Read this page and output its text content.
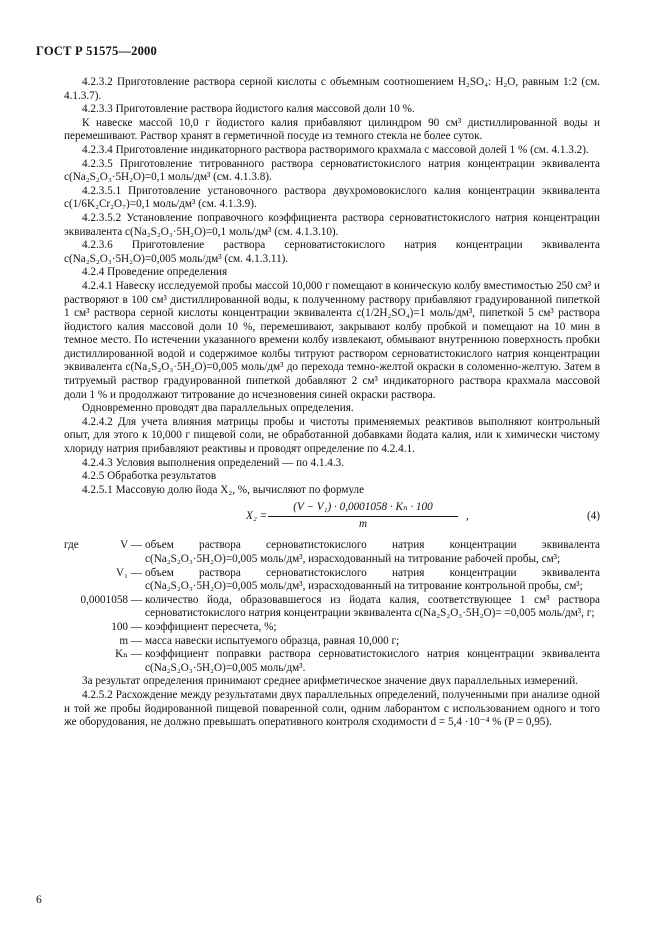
ГОСТ Р 51575—2000

4.2.3.2 Приготовление раствора серной кислоты с объемным соотношением H₂SO₄: H₂O, равным 1:2 (см. 4.1.3.7).

4.2.3.3 Приготовление раствора йодистого калия массовой доли 10 %.

К навеске массой 10,0 г йодистого калия прибавляют цилиндром 90 см³ дистиллированной воды и перемешивают. Раствор хранят в герметичной посуде из темного стекла не более суток.

4.2.3.4 Приготовление индикаторного раствора растворимого крахмала с массовой долей 1 % (см. 4.1.3.2).

4.2.3.5 Приготовление титрованного раствора серноватистокислого натрия концентрации эквивалента c(Na₂S₂O₃·5H₂O)=0,1 моль/дм³ (см. 4.1.3.8).

4.2.3.5.1 Приготовление установочного раствора двухромовокислого калия концентрации эквивалента c(1/6K₂Cr₂O₇)=0,1 моль/дм³ (см. 4.1.3.9).

4.2.3.5.2 Установление поправочного коэффициента раствора серноватистокислого натрия концентрации эквивалента c(Na₂S₂O₃·5H₂O)=0,1 моль/дм³ (см. 4.1.3.10).

4.2.3.6 Приготовление раствора серноватистокислого натрия концентрации эквивалента c(Na₂S₂O₃·5H₂O)=0,005 моль/дм³ (см. 4.1.3.11).

4.2.4 Проведение определения

4.2.4.1 Навеску исследуемой пробы массой 10,000 г помещают в коническую колбу вместимостью 250 см³ и растворяют в 100 см³ дистиллированной воды, к полученному раствору прибавляют градуированной пипеткой 1 см³ раствора серной кислоты концентрации эквивалента c(1/2H₂SO₄)=1 моль/дм³, пипеткой 5 см³ раствора йодистого калия массовой доли 10 %, перемешивают, закрывают колбу пробкой и помещают на 10 мин в темное место. По истечении указанного времени колбу извлекают, обмывают внутреннюю поверхность пробки дистиллированной водой и содержимое колбы титруют раствором серноватистокислого натрия концентрации эквивалента c(Na₂S₂O₃·5H₂O)=0,005 моль/дм³ до перехода темно-желтой окраски в соломенно-желтую. Затем в титруемый раствор градуированной пипеткой добавляют 2 см³ индикаторного раствора крахмала массовой доли 1 % и продолжают титрование до исчезновения синей окраски раствора.

Одновременно проводят два параллельных определения.

4.2.4.2 Для учета влияния матрицы пробы и чистоты применяемых реактивов выполняют контрольный опыт, для этого к 10,000 г пищевой соли, не обработанной добавками йодата калия, или к химически чистому хлориду натрия прибавляют реактивы и проводят определение по 4.2.4.1.

4.2.4.3 Условия выполнения определений — по 4.1.4.3.

4.2.5 Обработка результатов

4.2.5.1 Массовую долю йода X₂, %, вычисляют по формуле

$X_2 = \frac{\text{(V − V₁) · 0,0001058 · Kₙ · 100}}{m}$ ,	(4)
где	V — объем раствора серноватистокислого натрия концентрации эквивалента c(Na₂S₂O₃·5H₂O)=0,005 моль/дм³, израсходованный на титрование рабочей пробы, см³;
V₁ — объем раствора серноватистокислого натрия концентрации эквивалента c(Na₂S₂O₃·5H₂O)=0,005 моль/дм³, израсходованный на титрование контрольной пробы, см³;
0,0001058 — количество йода, образовавшегося из йодата калия, соответствующее 1 см³ раствора серноватистокислого натрия концентрации эквивалента c(Na₂S₂O₃·5H₂O)= =0,005 моль/дм³, г;
100 — коэффициент пересчета, %;
m — масса навески испытуемого образца, равная 10,000 г;
Kₙ — коэффициент поправки раствора серноватистокислого натрия концентрации эквивалента c(Na₂S₂O₃·5H₂O)=0,005 моль/дм³.

За результат определения принимают среднее арифметическое значение двух параллельных измерений.

4.2.5.2 Расхождение между результатами двух параллельных определений, полученными при анализе одной и той же пробы йодированной пищевой поваренной соли, одним лаборантом с использованием одного и того же оборудования, не должно превышать оперативного контроля сходимости d = 5,4 ·10⁻⁴ % (P = 0,95).

6
